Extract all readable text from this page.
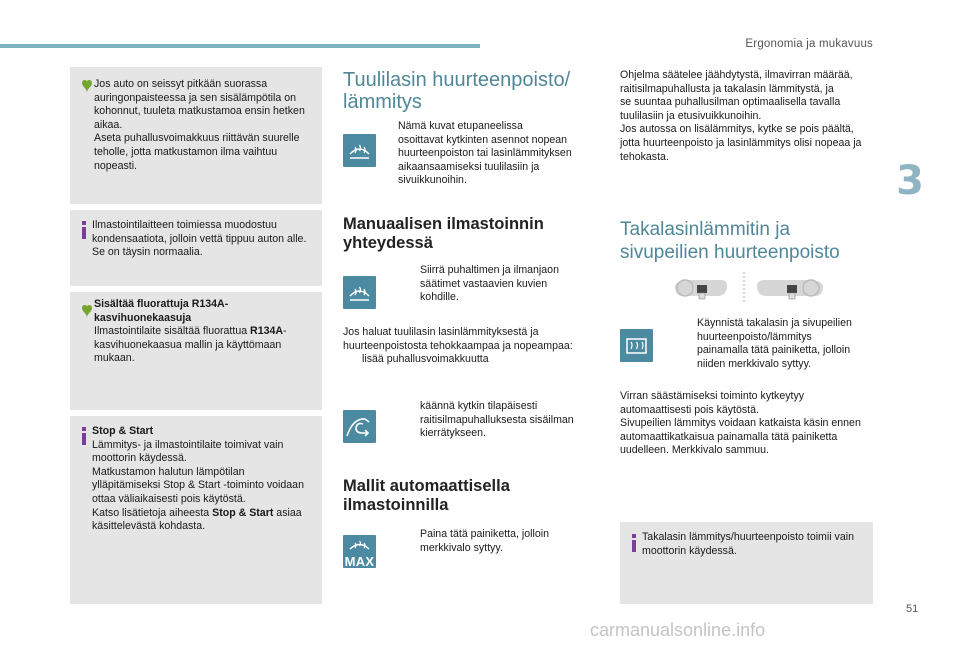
Ergonomia ja mukavuus
3
51
carmanualsonline.info
Jos auto on seissyt pitkään suorassa
auringonpaisteessa ja sen sisälämpötila on
kohonnut, tuuleta matkustamoa ensin hetken
aikaa.
Aseta puhallusvoimakkuus riittävän suurelle
teholle, jotta matkustamon ilma vaihtuu
nopeasti.
Ilmastointilaitteen toimiessa muodostuu
kondensaatiota, jolloin vettä tippuu auton alle.
Se on täysin normaalia.
Sisältää fluorattuja R134A-
kasvihuonekaasuja
Ilmastointilaite sisältää fluorattua R134A-
kasvihuonekaasua mallin ja käyttömaan
mukaan.
Stop & Start
Lämmitys- ja ilmastointilaite toimivat vain
moottorin käydessä.
Matkustamon halutun lämpötilan
ylläpitämiseksi Stop & Start -toiminto voidaan
ottaa väliaikaisesti pois käytöstä.
Katso lisätietoja aiheesta Stop & Start asiaa
käsittelevästä kohdasta.
Tuulilasin huurteenpoisto/
lämmitys
Nämä kuvat etupaneelissa
osoittavat kytkinten asennot nopean
huurteenpoiston tai lasinlämmityksen
aikaansaamiseksi tuulilasiin ja
sivuikkunoihin.
Manuaalisen ilmastoinnin
yhteydessä
Siirrä puhaltimen ja ilmanjaon
säätimet vastaavien kuvien
kohdille.
Jos haluat tuulilasin lasinlämmityksestä ja
huurteenpoistosta tehokkaampaa ja nopeampaa:
lisää puhallusvoimakkuutta
käännä kytkin tilapäisesti
raitisilmapuhalluksesta sisäilman
kierrätykseen.
Mallit automaattisella
ilmastoinnilla
MAX
Paina tätä painiketta, jolloin
merkkivalo syttyy.
Ohjelma säätelee jäähdytystä, ilmavirran määrää,
raitisilmapuhallusta ja takalasin lämmitystä, ja
se suuntaa puhallusilman optimaalisella tavalla
tuulilasiin ja etusivuikkunoihin.
Jos autossa on lisälämmitys, kytke se pois päältä,
jotta huurteenpoisto ja lasinlämmitys olisi nopeaa ja
tehokasta.
Takalasinlämmitin ja
sivupeilien huurteenpoisto
Käynnistä takalasin ja sivupeilien
huurteenpoisto/lämmitys
painamalla tätä painiketta, jolloin
niiden merkkivalo syttyy.
Virran säästämiseksi toiminto kytkeytyy
automaattisesti pois käytöstä.
Sivupeilien lämmitys voidaan katkaista käsin ennen
automaattikatkaisua painamalla tätä painiketta
uudelleen. Merkkivalo sammuu.
Takalasin lämmitys/huurteenpoisto toimii vain
moottorin käydessä.
